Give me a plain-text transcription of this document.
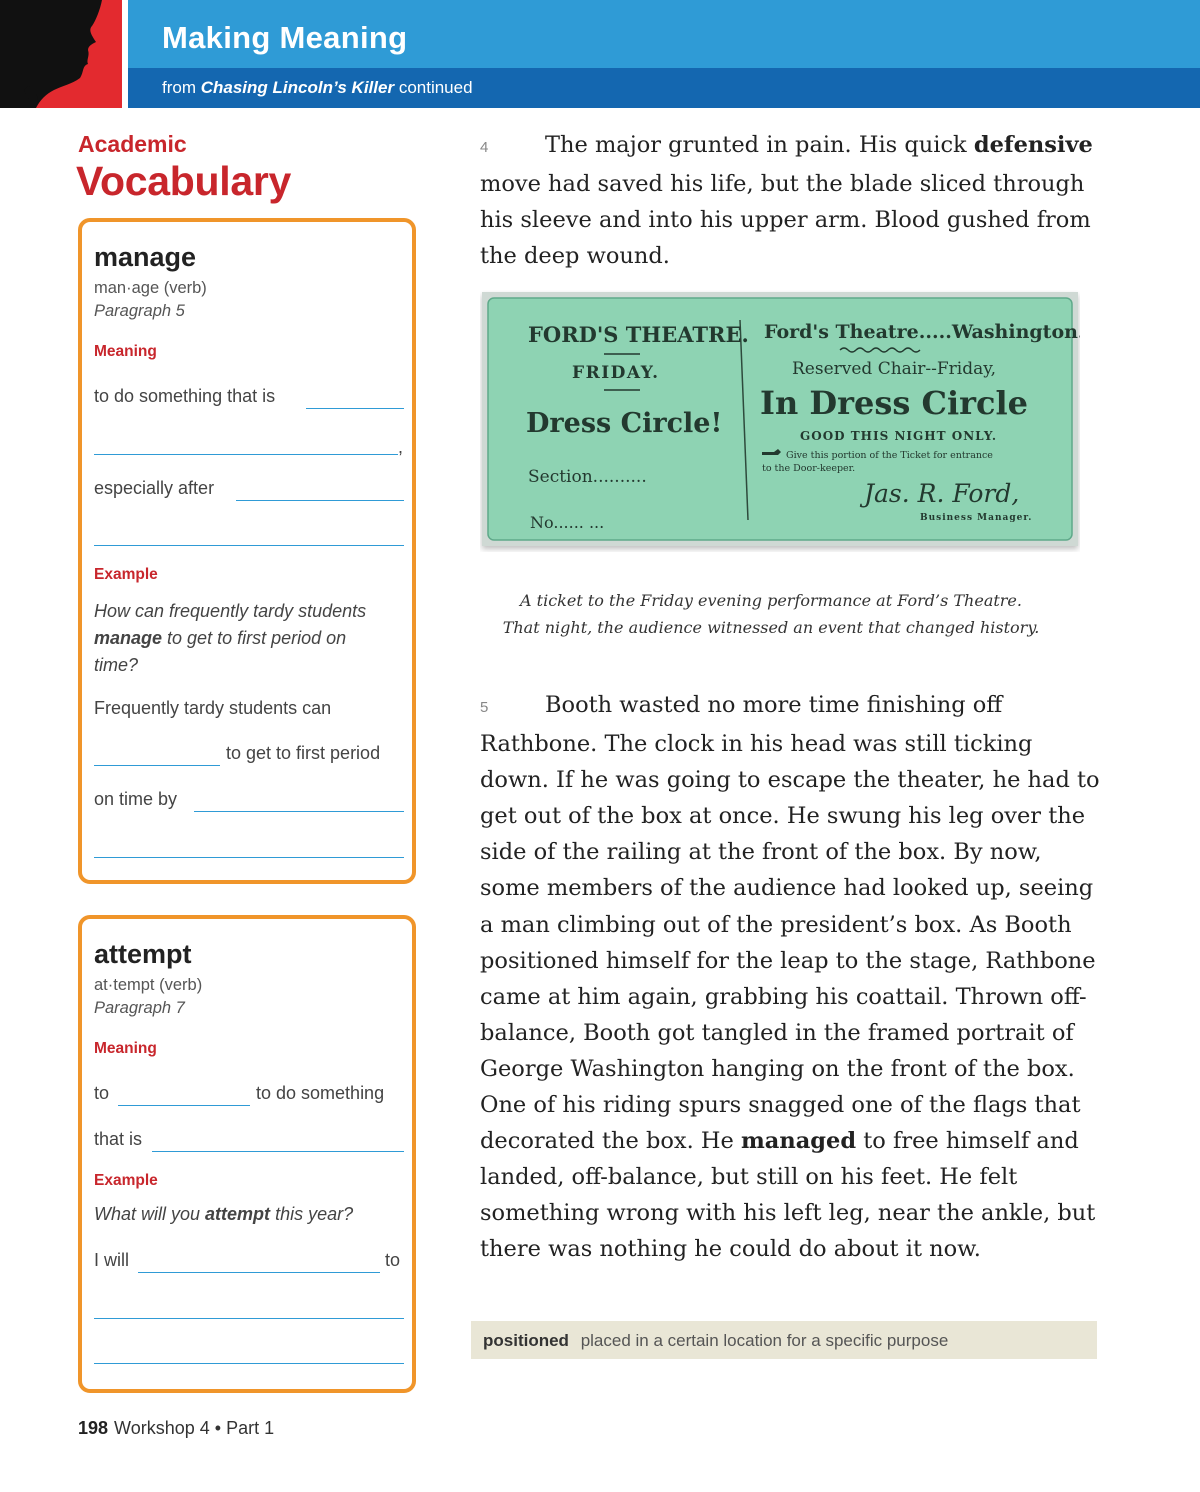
Making Meaning
from Chasing Lincoln’s Killer continued
Academic
Vocabulary
manage
man·age (verb)
Paragraph 5
Meaning
to do something that is
,
especially after
Example
How can frequently tardy students manage to get to first period on time?
Frequently tardy students can
to get to first period
on time by
attempt
at·tempt (verb)
Paragraph 7
Meaning
to	to do something
that is
Example
What will you attempt this year?
I will	to
4	The major grunted in pain. His quick defensive move had saved his life, but the blade sliced through his sleeve and into his upper arm. Blood gushed from the deep wound.
FORD'S THEATRE.
FRIDAY.
Dress Circle!
Section..........
No...... ...
Ford's Theatre.....Washington.
Reserved Chair--Friday,
In Dress Circle
GOOD THIS NIGHT ONLY.
Give this portion of the Ticket for entrance
to the Door-keeper.
Jas. R. Ford,
Business Manager.
A ticket to the Friday evening performance at Ford’s Theatre.
That night, the audience witnessed an event that changed history.
5	Booth wasted no more time finishing off Rathbone. The clock in his head was still ticking down. If he was going to escape the theater, he had to get out of the box at once. He swung his leg over the side of the railing at the front of the box. By now, some members of the audience had looked up, seeing a man climbing out of the president’s box. As Booth positioned himself for the leap to the stage, Rathbone came at him again, grabbing his coattail. Thrown off-balance, Booth got tangled in the framed portrait of George Washington hanging on the front of the box. One of his riding spurs snagged one of the flags that decorated the box. He managed to free himself and landed, off-balance, but still on his feet. He felt something wrong with his left leg, near the ankle, but there was nothing he could do about it now.
positioned placed in a certain location for a specific purpose
198 Workshop 4 • Part 1
